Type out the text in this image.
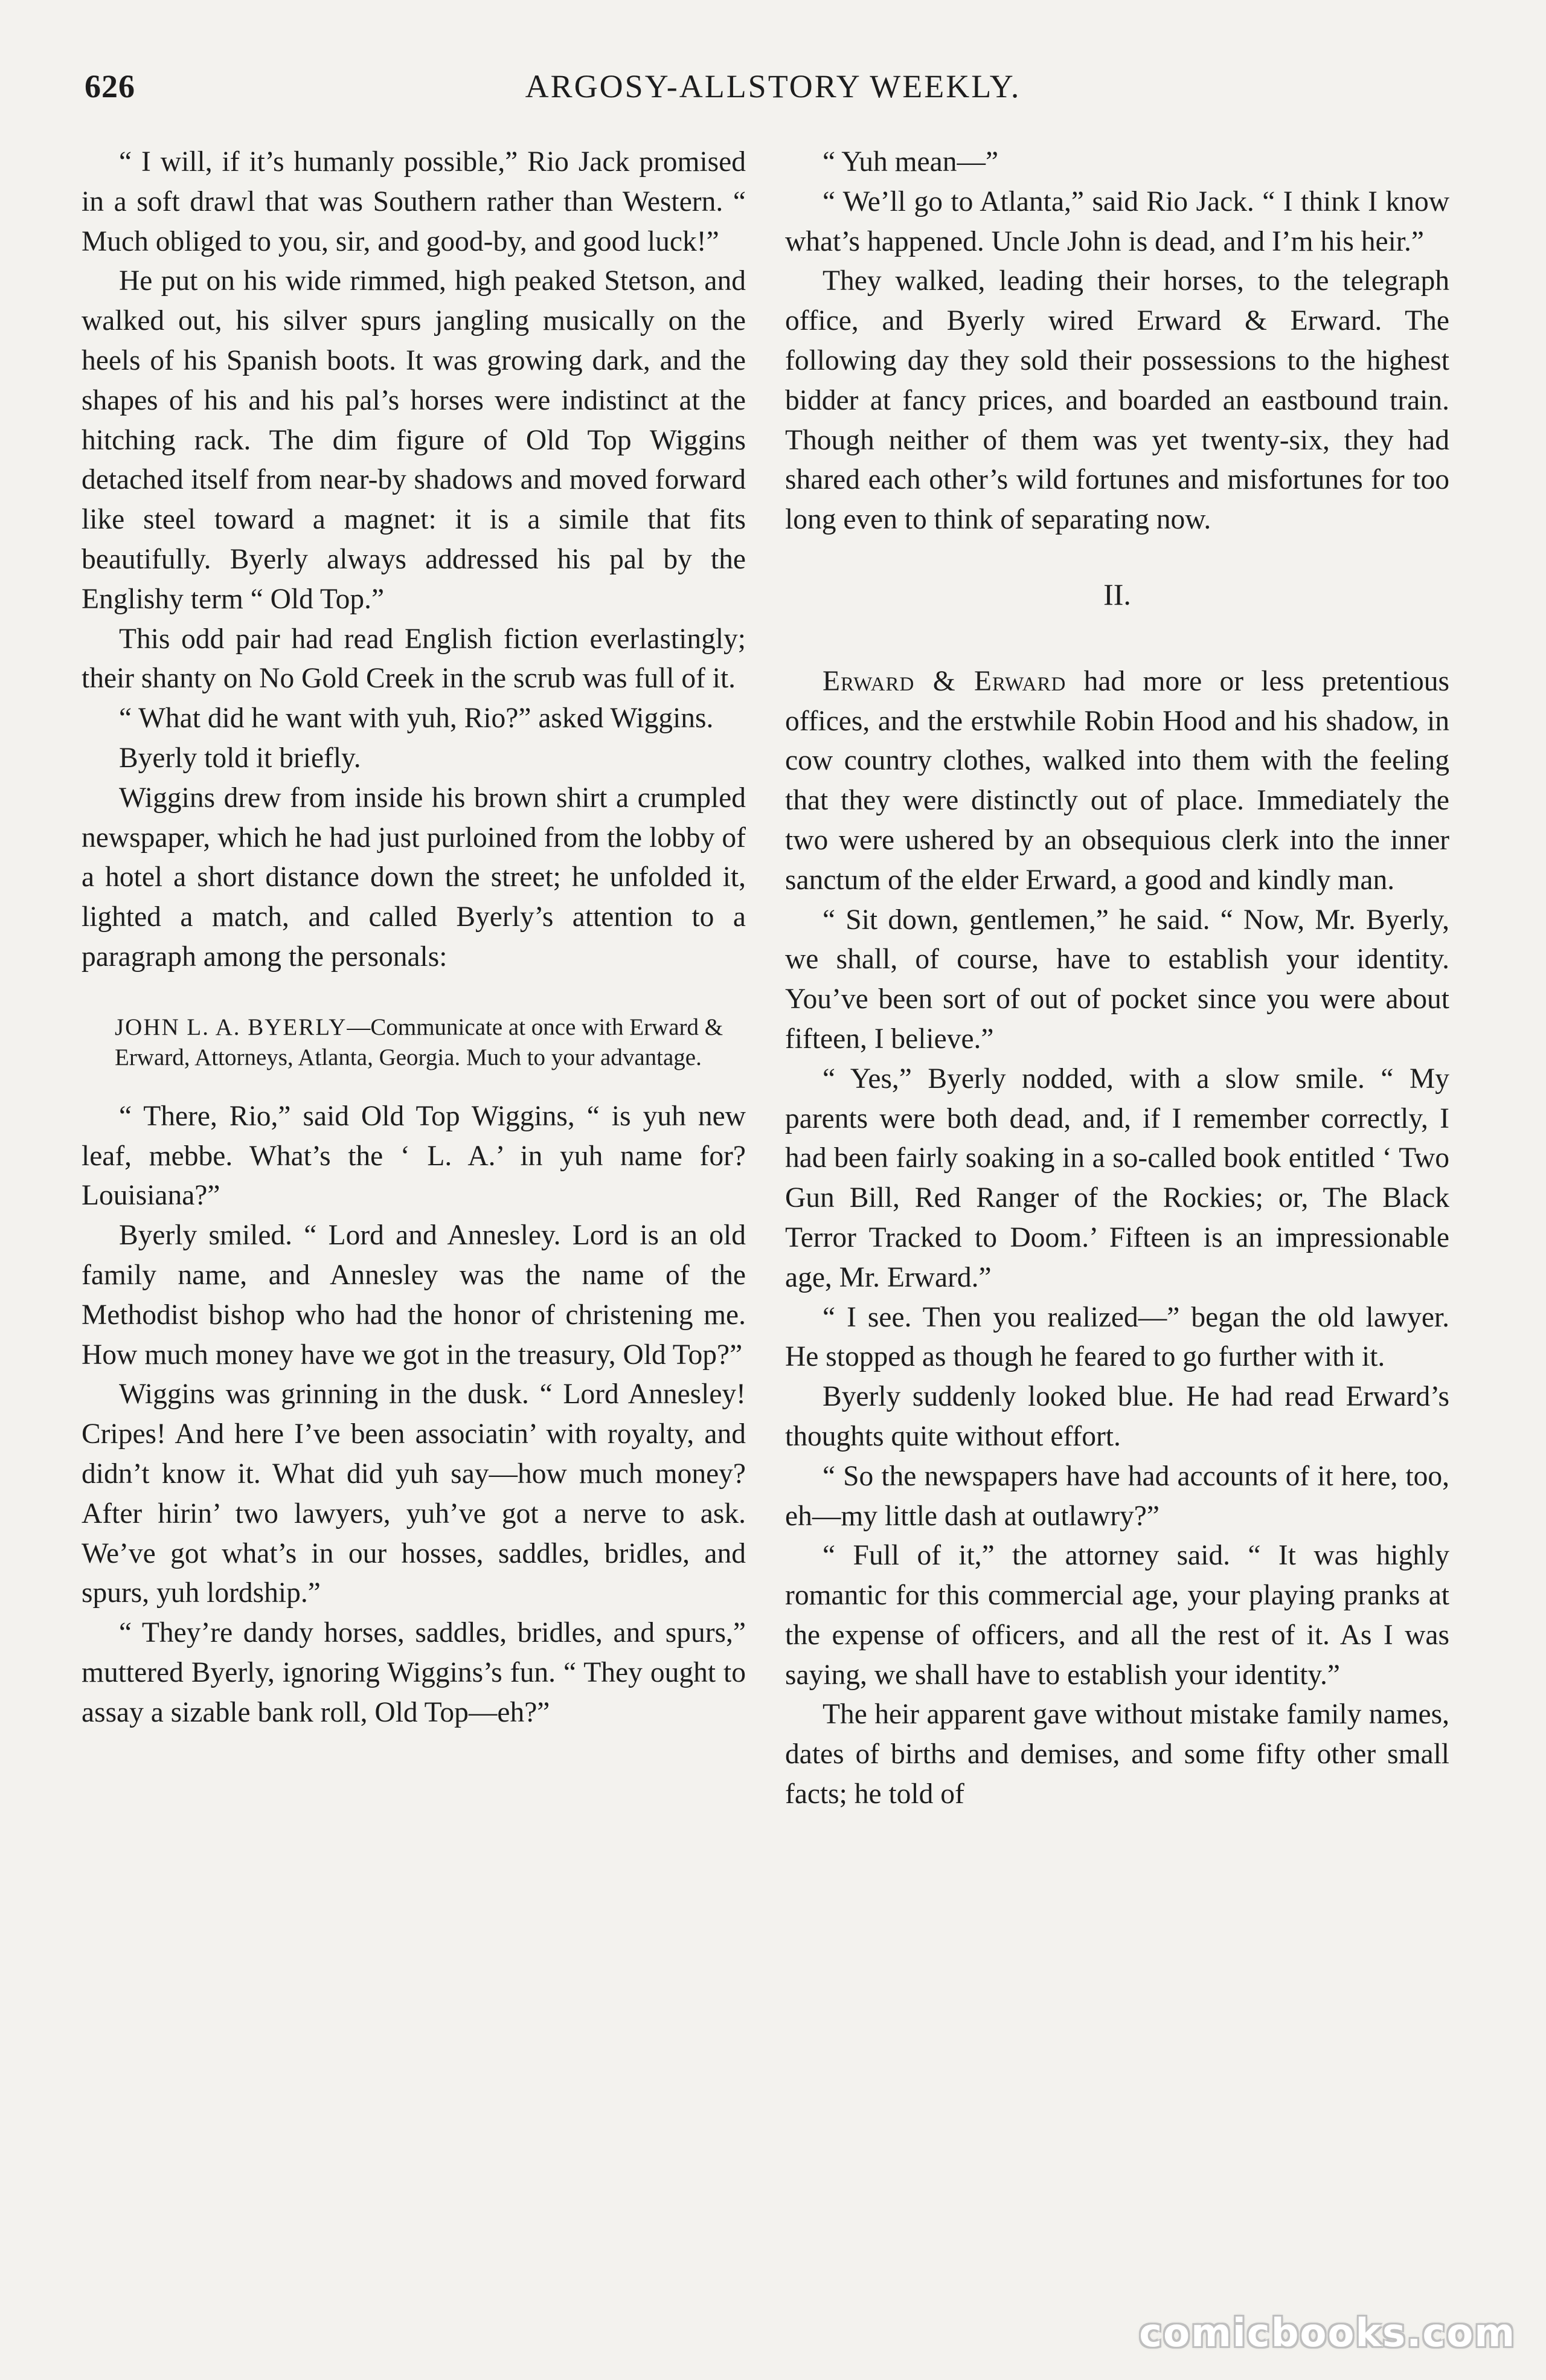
626	ARGOSY-ALLSTORY WEEKLY.

“ I will, if it’s humanly possible,” Rio Jack promised in a soft drawl that was Southern rather than Western. “ Much obliged to you, sir, and good-by, and good luck!”

He put on his wide rimmed, high peaked Stetson, and walked out, his silver spurs jangling musically on the heels of his Spanish boots. It was growing dark, and the shapes of his and his pal’s horses were indistinct at the hitching rack. The dim figure of Old Top Wiggins detached itself from near-by shadows and moved forward like steel toward a magnet: it is a simile that fits beautifully. Byerly always addressed his pal by the Englishy term “ Old Top.”

This odd pair had read English fiction everlastingly; their shanty on No Gold Creek in the scrub was full of it.

“ What did he want with yuh, Rio?” asked Wiggins.

Byerly told it briefly.

Wiggins drew from inside his brown shirt a crumpled newspaper, which he had just purloined from the lobby of a hotel a short distance down the street; he unfolded it, lighted a match, and called Byerly’s attention to a paragraph among the personals:

JOHN L. A. BYERLY—Communicate at once with Erward & Erward, Attorneys, Atlanta, Georgia. Much to your advantage.

“ There, Rio,” said Old Top Wiggins, “ is yuh new leaf, mebbe. What’s the ‘ L. A.’ in yuh name for? Louisiana?”

Byerly smiled. “ Lord and Annesley. Lord is an old family name, and Annesley was the name of the Methodist bishop who had the honor of christening me. How much money have we got in the treasury, Old Top?”

Wiggins was grinning in the dusk. “ Lord Annesley! Cripes! And here I’ve been associatin’ with royalty, and didn’t know it. What did yuh say—how much money? After hirin’ two lawyers, yuh’ve got a nerve to ask. We’ve got what’s in our hosses, saddles, bridles, and spurs, yuh lordship.”

“ They’re dandy horses, saddles, bridles, and spurs,” muttered Byerly, ignoring Wiggins’s fun. “ They ought to assay a sizable bank roll, Old Top—eh?”

“ Yuh mean—”

“ We’ll go to Atlanta,” said Rio Jack. “ I think I know what’s happened. Uncle John is dead, and I’m his heir.”

They walked, leading their horses, to the telegraph office, and Byerly wired Erward & Erward. The following day they sold their possessions to the highest bidder at fancy prices, and boarded an eastbound train. Though neither of them was yet twenty-six, they had shared each other’s wild fortunes and misfortunes for too long even to think of separating now.

II.

Erward & Erward had more or less pretentious offices, and the erstwhile Robin Hood and his shadow, in cow country clothes, walked into them with the feeling that they were distinctly out of place. Immediately the two were ushered by an obsequious clerk into the inner sanctum of the elder Erward, a good and kindly man.

“ Sit down, gentlemen,” he said. “ Now, Mr. Byerly, we shall, of course, have to establish your identity. You’ve been sort of out of pocket since you were about fifteen, I believe.”

“ Yes,” Byerly nodded, with a slow smile. “ My parents were both dead, and, if I remember correctly, I had been fairly soaking in a so-called book entitled ‘ Two Gun Bill, Red Ranger of the Rockies; or, The Black Terror Tracked to Doom.’ Fifteen is an impressionable age, Mr. Erward.”

“ I see. Then you realized—” began the old lawyer. He stopped as though he feared to go further with it.

Byerly suddenly looked blue. He had read Erward’s thoughts quite without effort.

“ So the newspapers have had accounts of it here, too, eh—my little dash at outlawry?”

“ Full of it,” the attorney said. “ It was highly romantic for this commercial age, your playing pranks at the expense of officers, and all the rest of it. As I was saying, we shall have to establish your identity.”

The heir apparent gave without mistake family names, dates of births and demises, and some fifty other small facts; he told of

comicbooks.com
